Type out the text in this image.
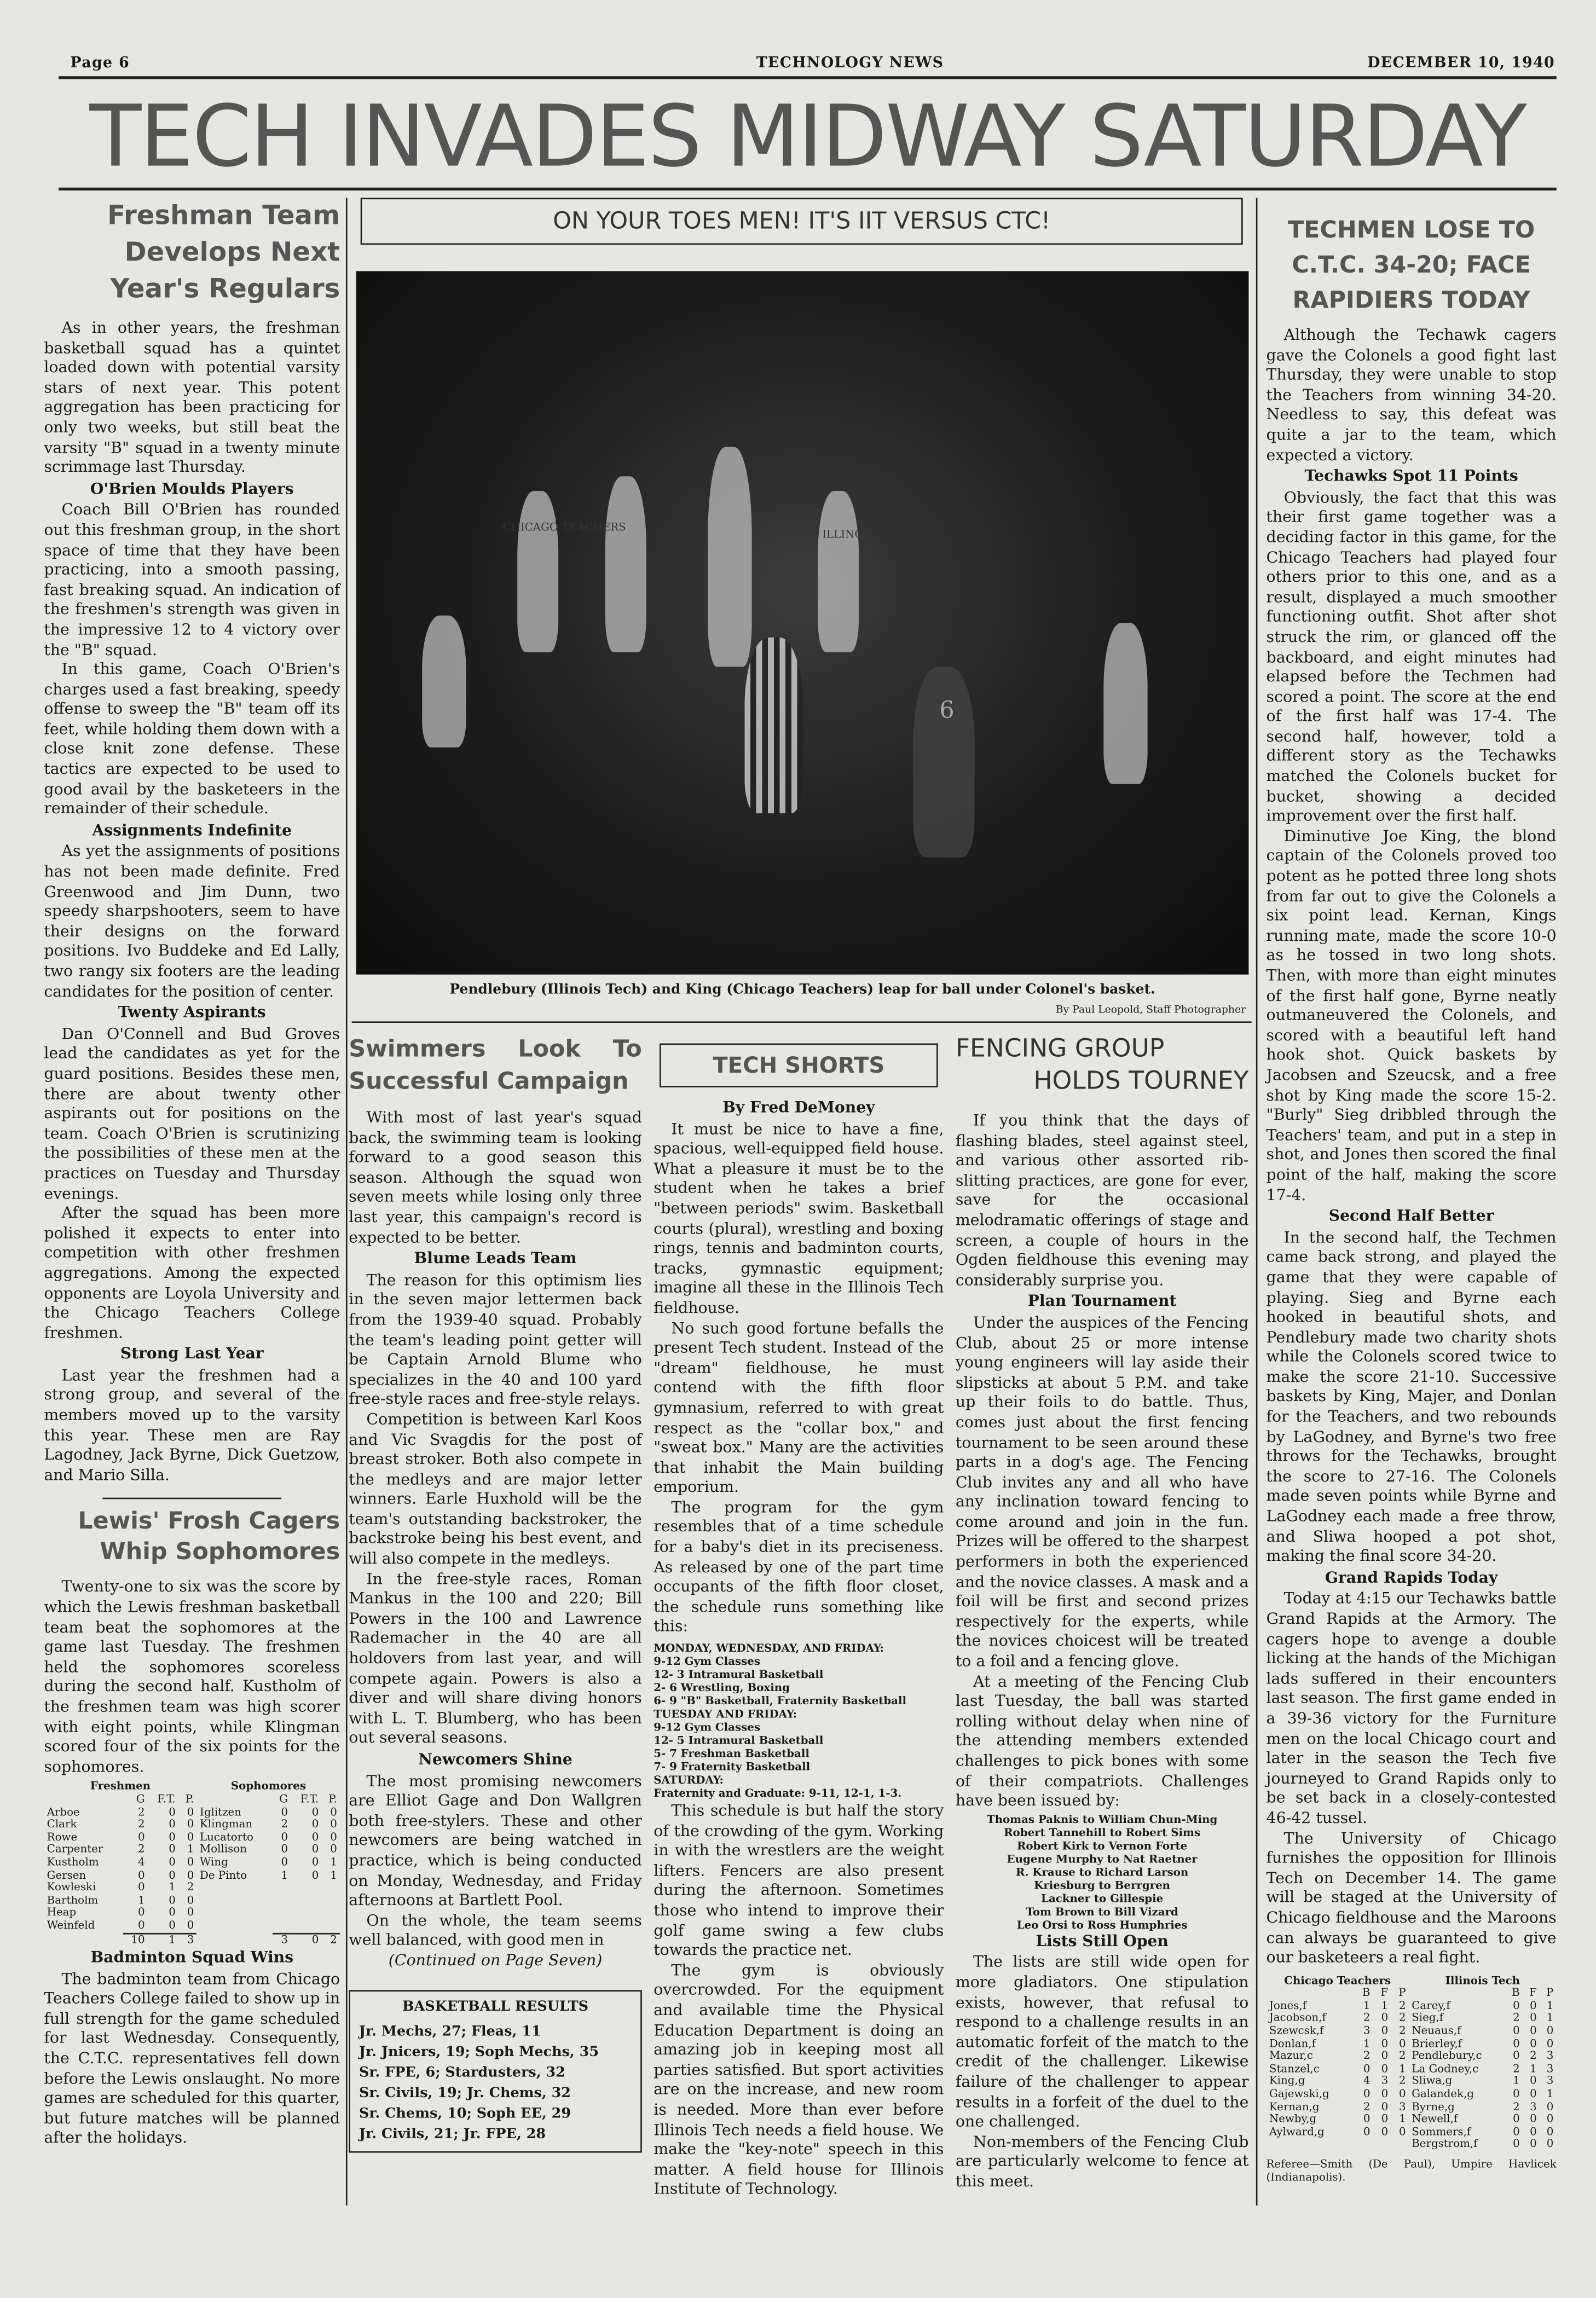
Page 6	TECHNOLOGY NEWS	DECEMBER 10, 1940
TECH INVADES MIDWAY SATURDAY
Freshman Team Develops Next Year's Regulars

As in other years, the freshman basketball squad has a quintet loaded down with potential varsity stars of next year. This potent aggregation has been practicing for only two weeks, but still beat the varsity "B" squad in a twenty minute scrimmage last Thursday.

O'Brien Moulds Players

Coach Bill O'Brien has rounded out this freshman group, in the short space of time that they have been practicing, into a smooth passing, fast breaking squad. An indication of the freshmen's strength was given in the impressive 12 to 4 victory over the "B" squad.

In this game, Coach O'Brien's charges used a fast breaking, speedy offense to sweep the "B" team off its feet, while holding them down with a close knit zone defense. These tactics are expected to be used to good avail by the basketeers in the remainder of their schedule.

Assignments Indefinite

As yet the assignments of positions has not been made definite. Fred Greenwood and Jim Dunn, two speedy sharpshooters, seem to have their designs on the forward positions. Ivo Buddeke and Ed Lally, two rangy six footers are the leading candidates for the position of center.

Twenty Aspirants

Dan O'Connell and Bud Groves lead the candidates as yet for the guard positions. Besides these men, there are about twenty other aspirants out for positions on the team. Coach O'Brien is scrutinizing the possibilities of these men at the practices on Tuesday and Thursday evenings.

After the squad has been more polished it expects to enter into competition with other freshmen aggregations. Among the expected opponents are Loyola University and the Chicago Teachers College freshmen.

Strong Last Year

Last year the freshmen had a strong group, and several of the members moved up to the varsity this year. These men are Ray Lagodney, Jack Byrne, Dick Guetzow, and Mario Silla.

Lewis' Frosh Cagers Whip Sophomores

Twenty-one to six was the score by which the Lewis freshman basketball team beat the sophomores at the game last Tuesday. The freshmen held the sophomores scoreless during the second half. Kustholm of the freshmen team was high scorer with eight points, while Klingman scored four of the six points for the sophomores.

Freshmen				Sophomores			
	G	F.T.	P.		G	F.T.	P.
Arboe	2	0	0	Iglitzen	0	0	0
Clark	2	0	0	Klingman	2	0	0
Rowe	0	0	0	Lucatorto	0	0	0
Carpenter	2	0	1	Mollison	0	0	0
Kustholm	4	0	0	Wing	0	0	1
Gersen	0	0	0	De Pinto	1	0	1
Kowleski	0	1	2				
Bartholm	1	0	0				
Heap	0	0	0				
Weinfeld	0	0	0				
	10	1	3		3	0	2
Badminton Squad Wins

The badminton team from Chicago Teachers College failed to show up in full strength for the game scheduled for last Wednesday. Consequently, the C.T.C. representatives fell down before the Lewis onslaught. No more games are scheduled for this quarter, but future matches will be planned after the holidays.

ON YOUR TOES MEN! IT'S IIT VERSUS CTC!
CHICAGO TEACHERS
ILLINOIS TECH
6
Pendlebury (Illinois Tech) and King (Chicago Teachers) leap for ball under Colonel's basket.
By Paul Leopold, Staff Photographer
Swimmers Look To Successful Campaign

With most of last year's squad back, the swimming team is looking forward to a good season this season. Although the squad won seven meets while losing only three last year, this campaign's record is expected to be better.

Blume Leads Team

The reason for this optimism lies in the seven major lettermen back from the 1939-40 squad. Probably the team's leading point getter will be Captain Arnold Blume who specializes in the 40 and 100 yard free-style races and free-style relays.

Competition is between Karl Koos and Vic Svagdis for the post of breast stroker. Both also compete in the medleys and are major letter winners. Earle Huxhold will be the team's outstanding backstroker, the backstroke being his best event, and will also compete in the medleys.

In the free-style races, Roman Mankus in the 100 and 220; Bill Powers in the 100 and Lawrence Rademacher in the 40 are all holdovers from last year, and will compete again. Powers is also a diver and will share diving honors with L. T. Blumberg, who has been out several seasons.

Newcomers Shine

The most promising newcomers are Elliot Gage and Don Wallgren both free-stylers. These and other newcomers are being watched in practice, which is being conducted on Monday, Wednesday, and Friday afternoons at Bartlett Pool.

On the whole, the team seems well balanced, with good men in

(Continued on Page Seven)
BASKETBALL RESULTS
Jr. Mechs, 27; Fleas, 11
Jr. Jnicers, 19; Soph Mechs, 35
Sr. FPE, 6; Stardusters, 32
Sr. Civils, 19; Jr. Chems, 32
Sr. Chems, 10; Soph EE, 29
Jr. Civils, 21; Jr. FPE, 28
TECH SHORTS
By Fred DeMoney

It must be nice to have a fine, spacious, well-equipped field house. What a pleasure it must be to the student when he takes a brief "between periods" swim. Basketball courts (plural), wrestling and boxing rings, tennis and badminton courts, tracks, gymnastic equipment; imagine all these in the Illinois Tech fieldhouse.

No such good fortune befalls the present Tech student. Instead of the "dream" fieldhouse, he must contend with the fifth floor gymnasium, referred to with great respect as the "collar box," and "sweat box." Many are the activities that inhabit the Main building emporium.

The program for the gym resembles that of a time schedule for a baby's diet in its preciseness. As released by one of the part time occupants of the fifth floor closet, the schedule runs something like this:

MONDAY, WEDNESDAY, AND FRIDAY:
9-12 Gym Classes
12- 3 Intramural Basketball
2- 6 Wrestling, Boxing
6- 9 "B" Basketball, Fraternity Basketball
TUESDAY AND FRIDAY:
9-12 Gym Classes
12- 5 Intramural Basketball
5- 7 Freshman Basketball
7- 9 Fraternity Basketball
SATURDAY:
Fraternity and Graduate: 9-11, 12-1, 1-3.

This schedule is but half the story of the crowding of the gym. Working in with the wrestlers are the weight lifters. Fencers are also present during the afternoon. Sometimes those who intend to improve their golf game swing a few clubs towards the practice net.

The gym is obviously overcrowded. For the equipment and available time the Physical Education Department is doing an amazing job in keeping most all parties satisfied. But sport activities are on the increase, and new room is needed. More than ever before Illinois Tech needs a field house. We make the "key-note" speech in this matter. A field house for Illinois Institute of Technology.

FENCING GROUP
HOLDS TOURNEY

If you think that the days of flashing blades, steel against steel, and various other assorted rib-slitting practices, are gone for ever, save for the occasional melodramatic offerings of stage and screen, a couple of hours in the Ogden fieldhouse this evening may considerably surprise you.

Plan Tournament

Under the auspices of the Fencing Club, about 25 or more intense young engineers will lay aside their slipsticks at about 5 P.M. and take up their foils to do battle. Thus, comes just about the first fencing tournament to be seen around these parts in a dog's age. The Fencing Club invites any and all who have any inclination toward fencing to come around and join in the fun. Prizes will be offered to the sharpest performers in both the experienced and the novice classes. A mask and a foil will be first and second prizes respectively for the experts, while the novices choicest will be treated to a foil and a fencing glove.

At a meeting of the Fencing Club last Tuesday, the ball was started rolling without delay when nine of the attending members extended challenges to pick bones with some of their compatriots. Challenges have been issued by:

Thomas Paknis to William Chun-Ming
Robert Tannehill to Robert Sims
Robert Kirk to Vernon Forte
Eugene Murphy to Nat Raetner
R. Krause to Richard Larson
Kriesburg to Berrgren
Lackner to Gillespie
Tom Brown to Bill Vizard
Leo Orsi to Ross Humphries
Lists Still Open

The lists are still wide open for more gladiators. One stipulation exists, however, that refusal to respond to a challenge results in an automatic forfeit of the match to the credit of the challenger. Likewise failure of the challenger to appear results in a forfeit of the duel to the one challenged.

Non-members of the Fencing Club are particularly welcome to fence at this meet.

TECHMEN LOSE TO C.T.C. 34-20; FACE RAPIDIERS TODAY

Although the Techawk cagers gave the Colonels a good fight last Thursday, they were unable to stop the Teachers from winning 34-20. Needless to say, this defeat was quite a jar to the team, which expected a victory.

Techawks Spot 11 Points

Obviously, the fact that this was their first game together was a deciding factor in this game, for the Chicago Teachers had played four others prior to this one, and as a result, displayed a much smoother functioning outfit. Shot after shot struck the rim, or glanced off the backboard, and eight minutes had elapsed before the Techmen had scored a point. The score at the end of the first half was 17-4. The second half, however, told a different story as the Techawks matched the Colonels bucket for bucket, showing a decided improvement over the first half.

Diminutive Joe King, the blond captain of the Colonels proved too potent as he potted three long shots from far out to give the Colonels a six point lead. Kernan, Kings running mate, made the score 10-0 as he tossed in two long shots. Then, with more than eight minutes of the first half gone, Byrne neatly outmaneuvered the Colonels, and scored with a beautiful left hand hook shot. Quick baskets by Jacobsen and Szeucsk, and a free shot by King made the score 15-2. "Burly" Sieg dribbled through the Teachers' team, and put in a step in shot, and Jones then scored the final point of the half, making the score 17-4.

Second Half Better

In the second half, the Techmen came back strong, and played the game that they were capable of playing. Sieg and Byrne each hooked in beautiful shots, and Pendlebury made two charity shots while the Colonels scored twice to make the score 21-10. Successive baskets by King, Majer, and Donlan for the Teachers, and two rebounds by LaGodney, and Byrne's two free throws for the Techawks, brought the score to 27-16. The Colonels made seven points while Byrne and LaGodney each made a free throw, and Sliwa hooped a pot shot, making the final score 34-20.

Grand Rapids Today

Today at 4:15 our Techawks battle Grand Rapids at the Armory. The cagers hope to avenge a double licking at the hands of the Michigan lads suffered in their encounters last season. The first game ended in a 39-36 victory for the Furniture men on the local Chicago court and later in the season the Tech five journeyed to Grand Rapids only to be set back in a closely-contested 46-42 tussel.

The University of Chicago furnishes the opposition for Illinois Tech on December 14. The game will be staged at the University of Chicago fieldhouse and the Maroons can always be guaranteed to give our basketeers a real fight.

Chicago Teachers				Illinois Tech			
	B	F	P		B	F	P
Jones,f	1	1	2	Carey,f	0	0	1
Jacobson,f	2	0	2	Sieg,f	2	0	1
Szewcsk,f	3	0	2	Neuaus,f	0	0	0
Donlan,f	1	0	0	Brierley,f	0	0	0
Mazur,c	2	0	2	Pendlebury,c	0	2	3
Stanzel,c	0	0	1	La Godney,c	2	1	3
King,g	4	3	2	Sliwa,g	1	0	3
Gajewski,g	0	0	0	Galandek,g	0	0	1
Kernan,g	2	0	3	Byrne,g	2	3	0
Newby,g	0	0	1	Newell,f	0	0	0
Aylward,g	0	0	0	Sommers,f	0	0	0
				Bergstrom,f	0	0	0
Referee—Smith (De Paul), Umpire Havlicek (Indianapolis).
